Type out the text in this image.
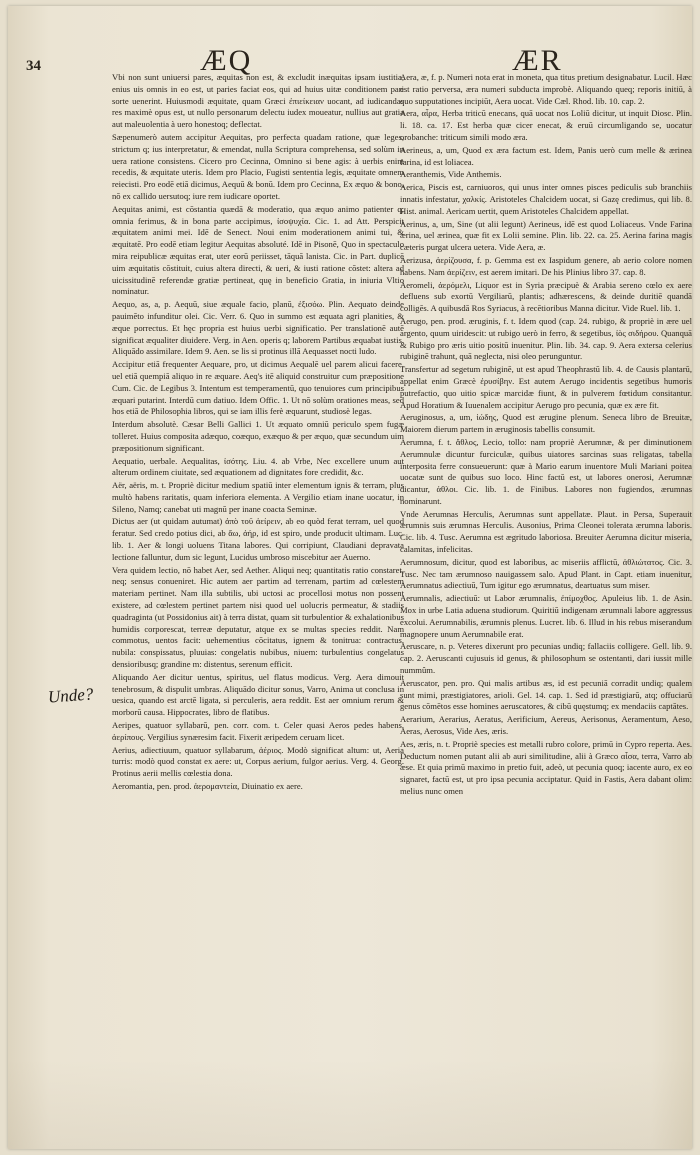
34	ÆQ	ÆR
Unde?

Vbi non sunt uniuersi pares, æquitas non est, & excludit inæquitas ipsam iustitia, enius uis omnis in eo est, ut paries faciat eos, qui ad huius uitæ conditionem pari sorte uenerint. Huiusmodi æquitate, quam Græci ἐπιείκειαν uocant, ad iudicandas res maximè opus est, ut nullo personarum delectu iudex moueatur, nullius aut gratia aut maleuolentia à uero honestoq; deflectat.

Sæpenumerò autem accipitur Aequitas, pro perfecta quadam ratione, quæ leges, strictum q; ius interpretatur, & emendat, nulla Scriptura comprehensa, sed solùm in uera ratione consistens. Cicero pro Cecinna, Omnino si bene agis: à uerbis enim recedis, & æquitate uteris. Idem pro Placio, Fugisti sententia legis, æquitate omnem reiecisti. Pro eodē etiā dicimus, Aequū & bonū. Idem pro Cecinna, Ex æquo & bono, nō ex callido uersutoq; iure rem iudicare oportet.

Aequitas animi, est cōstantia quædā & moderatio, qua æquo animo patienter q; omnia ferimus, & in bona parte accipimus, ἰσοψυχία. Cic. 1. ad Att. Perspicit æquitatem animi mei. Idē de Senect. Noui enim moderationem animi tui, & æquitatē. Pro eodē etiam legitur Aequitas absoluté. Idē in Pisonē, Quo in spectaculo mira reipublicæ æquitas erat, uter eorū periisset, tāquā lanista. Cic. in Part. duplicē uim æquitatis cōstituit, cuius altera directi, & ueri, & iusti ratione cōstet: altera ad uicissitudinē referendæ gratiæ pertineat, quę in beneficio Gratia, in iniuria Vltio nominatur.

Aequo, as, a, p. Aequū, siue æquale facio, planū, ἐξισόω. Plin. Aequato deinde pauimēto infunditur olei. Cic. Verr. 6. Quo in summo est æquata agri planities, & æque porrectus. Et hęc propria est huius uerbi significatio. Per translationē autē significat æqualiter diuidere. Verg. in Aen. operis q; laborem Partibus æquabat iustis. Aliquādo assimilare. Idem 9. Aen. se lis si protinus illā Aequasset nocti ludo.

Accipitur etiā frequenter Aequare, pro, ut dicimus Aequalē uel parem alicui facere, uel etiā quempiā aliquo in re æquare. Aeq's itē aliquid construitur cum præpositione Cum. Cic. de Legibus 3. Intentum est temperamentū, quo tenuiores cum principibus æquari putarint. Interdū cum datiuo. Idem Offic. 1. Ut nō solùm orationes meas, sed hos etiā de Philosophia libros, qui se iam illis ferè æquarunt, studiosè legas.

Interdum absolutè. Cæsar Belli Gallici 1. Ut æquato omniū periculo spem fugæ tolleret. Huius composita adæquo, coæquo, exæquo & per æquo, quæ secundum uim præpositionum significant.

Aequatio, uerbale. Aequalitas, ἰσότης. Liu. 4. ab Vrbe, Nec excellere unum aut alterum ordinem ciuitate, sed æquationem ad dignitates fore credidit, &c.

Aër, aëris, m. t. Propriè dicitur medium spatiū inter elementum ignis & terram, plus multò habens raritatis, quam inferiora elementa. A Vergilio etiam inane uocatur, in Sileno, Namq; canebat uti magnū per inane coacta Seminæ.

Dictus aer (ut quidam autumat) ἀπὸ τοῦ ἀείρειν, ab eo quòd ferat terram, uel quod feratur. Sed credo potius dici, ab ἄω, ἀήρ, id est spiro, unde producit ultimam. Luc. lib. 1. Aer & longi uoluens Titana labores. Qui corripiunt, Claudiani depravata lectione falluntur, dum sic legunt, Lucidus umbroso miscebitur aer Auerno.

Vera quidem lectio, nō habet Aer, sed Aether. Aliqui neq; quantitatis ratio constaret, neq; sensus conueniret. Hic autem aer partim ad terrenam, partim ad cœlestem materiam pertinet. Nam illa subtilis, ubi uctosi ac procellosi motus non possent existere, ad cœlestem pertinet partem nisi quod uel uolucris permeatur, & stadiis quadraginta (ut Possidonius ait) à terra distat, quam sit turbulentior & exhalationibus humidis corporescat, terreæ deputatur, atque ex se multas species reddit. Nam commotus, uentos facit: uehementius cōcitatus, ignem & tonitrua: contractus, nubila: conspissatus, pluuias: congelatis nubibus, niuem: turbulentius congelatus densioribusq; grandine m: distentus, serenum efficit.

Aliquando Aer dicitur uentus, spiritus, uel flatus modicus. Verg. Aera dimouit tenebrosum, & dispulit umbras. Aliquādo dicitur sonus, Varro, Anima ut conclusa in uesica, quando est arctē ligata, si perculeris, aera reddit. Est aer omnium rerum & morborū causa. Hippocrates, libro de flatibus.

Aeripes, quatuor syllabarū, pen. corr. com. t. Celer quasi Aeros pedes habens, ἀερίπους. Vergilius synæresim facit. Fixerit æripedem ceruam licet.

Aerius, adiectiuum, quatuor syllabarum, ἀέριος. Modò significat altum: ut, Aeria turris: modò quod constat ex aere: ut, Corpus aerium, fulgor aerius. Verg. 4. Georg. Protinus aerii mellis cœlestia dona.

Aeromantia, pen. prod. ἀερομαντεία, Diuinatio ex aere.

Aera, æ, f. p. Numeri nota erat in moneta, qua titus pretium designabatur. Lucil. Hæc est ratio perversa, æra numeri subducta improbè. Aliquando queq; reporis initiū, à quo supputationes incipiūt, Aera uocat. Vide Cæl. Rhod. lib. 10. cap. 2.

Aera, αἶρα, Herba triticū enecans, quā uocat nos Loliū dicitur, ut inquit Diosc. Plin. li. 18. ca. 17. Est herba quæ cicer enecat, & eruū circumligando se, uocatur orobanche: triticum simili modo æra.

Aerineus, a, um, Quod ex æra factum est. Idem, Panis uerò cum melle & ærinea farina, id est loliacea.

Aeranthemis, Vide Anthemis.

Aerica, Piscis est, carniuoros, qui unus inter omnes pisces pediculis sub branchiis innatis infestatur, χαλκίς. Aristoteles Chalcidem uocat, si Gazę credimus, qui lib. 8. Hist. animal. Aericam uertit, quem Aristoteles Chalcidem appellat.

Aerinus, a, um, Sine (ut alii legunt) Aerineus, idē est quod Loliaceus. Vnde Farina ærina, uel ærinea, quæ fit ex Lolii semine. Plin. lib. 22. ca. 25. Aerina farina magis cæteris purgat ulcera uetera. Vide Aera, æ.

Aerizusa, ἀερίζουσα, f. p. Gemma est ex Iaspidum genere, ab aerio colore nomen habens. Nam ἀερίζειν, est aerem imitari. De his Plinius libro 37. cap. 8.

Aeromeli, ἀερόμελι, Liquor est in Syria præcipuè & Arabia sereno cœlo ex aere defluens sub exortū Vergiliarū, plantis; adhærescens, & deinde duritiē quandā colligēs. A quibusdā Ros Syriacus, à recētioribus Manna dicitur. Vide Ruel. lib. 1.

Aerugo, pen. prod. æruginis, f. t. Idem quod (cap. 24. rubigo, & propriè in ære uel argento, quum uiridescit: ut rubigo uerò in ferro, & segetibus, ἰὸς σιδήρου. Quanquā & Rubigo pro æris uitio positū inuenitur. Plin. lib. 34. cap. 9. Aera extersa celerius rubiginē trahunt, quā neglecta, nisi oleo perunguntur.

Transfertur ad segetum rubiginē, ut est apud Theophrastū lib. 4. de Causis plantarū, appellat enim Græcè ἐρυσίβην. Est autem Aerugo incidentis segetibus humoris putrefactio, quo uitio spicæ marcidæ fiunt, & in pulverem fœtidum consitantur. Apud Horatium & Iuuenalem accipitur Aerugo pro pecunia, quæ ex ære fit.

Aeruginosus, a, um, ἰώδης, Quod est ærugine plenum. Seneca libro de Breuitæ, Maiorem dierum partem in æruginosis tabellis consumit.

Aerumna, f. t. ἄθλος, Lecio, tollo: nam propriè Aerumnæ, & per diminutionem Aerumnulæ dicuntur furciculæ, quibus uiatores sarcinas suas religatas, tabella interposita ferre consueuerunt: quæ à Mario earum inuentore Muli Mariani poitea uocatæ sunt de quibus suo loco. Hinc factū est, ut labores onerosi, Aerumnæ dicantur, ἀθλοι. Cic. lib. 1. de Finibus. Labores non fugiendos, ærumnas nominarunt.

Vnde Aerumnas Herculis, Aerumnas sunt appellatæ. Plaut. in Persa, Superauit ærumnis suis ærumnas Herculis. Ausonius, Prima Cleonei tolerata ærumna laboris. Cic. lib. 4. Tusc. Aerumna est ægritudo laboriosa. Breuiter Aerumna dicitur miseria, calamitas, infelicitas.

Aerumnosum, dicitur, quod est laboribus, ac miseriis afflictū, ἀθλιώτατος. Cic. 3. Tusc. Nec tam ærumnoso nauigassem salo. Apud Plant. in Capt. etiam inuenitur, Aerumnatus adiectiuū, Tum igitur ego ærumnatus, deartuatus sum miser.

Aerumnalis, adiectiuū: ut Labor ærumnalis, ἐπίμοχθος. Apuleius lib. 1. de Asin. Mox in urbe Latia aduena studiorum. Quiritiū indigenam ærumnali labore aggressus excolui. Aerumnabilis, ærumnis plenus. Lucret. lib. 6. Illud in his rebus miserandum magnopere unum Aerumnabile erat.

Aeruscare, n. p. Veteres dixerunt pro pecunias undiq; fallaciis colligere. Gell. lib. 9. cap. 2. Aeruscanti cujusuis id genus, & philosophum se ostentanti, dari iussit mille nummûm.

Aeruscator, pen. pro. Qui malis artibus æs, id est pecuniā corradit undiq; qualem sunt mimi, præstigiatores, arioli. Gel. 14. cap. 1. Sed id præstigiarū, atq; offuciarū genus cōmētos esse homines aeruscatores, & cibū quęstumq; ex mendaciis captātes.

Aerarium, Aerarius, Aeratus, Aerificium, Aereus, Aerisonus, Aeramentum, Aeso, Aeras, Aerosus, Vide Aes, æris.

Aes, æris, n. t. Propriè species est metalli rubro colore, primū in Cypro reperta. Aes. Deductum nomen putant alii ab auri similitudine, alii à Græco αἶσα, terra, Varro ab æse. Et quia primū maximo in pretio fuit, adeò, ut pecunia quoq; iacente auro, ex eo signaret, factū est, ut pro ipsa pecunia acciptatur. Quid in Fastis, Aera dabant olim: melius nunc omen
